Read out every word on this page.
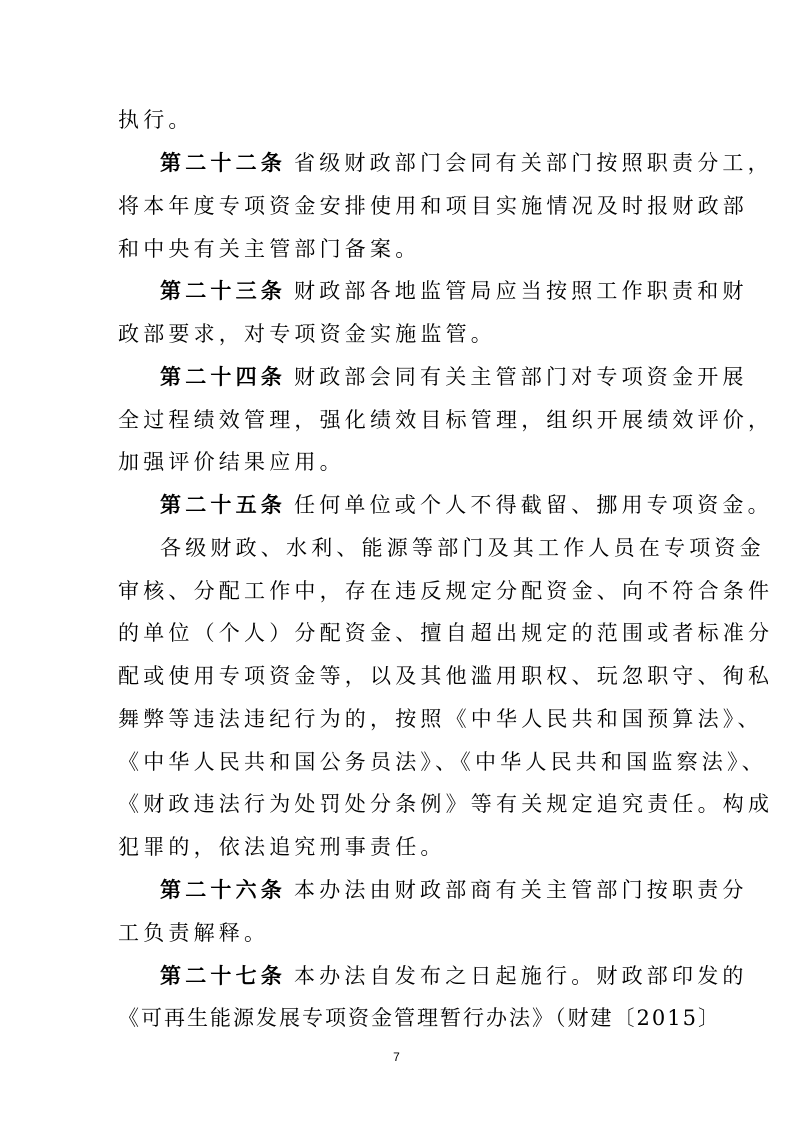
执行。
第二十二条 省级财政部门会同有关部门按照职责分工，
将本年度专项资金安排使用和项目实施情况及时报财政部
和中央有关主管部门备案。
第二十三条 财政部各地监管局应当按照工作职责和财
政部要求，对专项资金实施监管。
第二十四条 财政部会同有关主管部门对专项资金开展
全过程绩效管理，强化绩效目标管理，组织开展绩效评价，
加强评价结果应用。
第二十五条 任何单位或个人不得截留、挪用专项资金。
各级财政、水利、能源等部门及其工作人员在专项资金
审核、分配工作中，存在违反规定分配资金、向不符合条件
的单位（个人）分配资金、擅自超出规定的范围或者标准分
配或使用专项资金等，以及其他滥用职权、玩忽职守、徇私
舞弊等违法违纪行为的，按照《中华人民共和国预算法》、
《中华人民共和国公务员法》、《中华人民共和国监察法》、
《财政违法行为处罚处分条例》等有关规定追究责任。构成
犯罪的，依法追究刑事责任。
第二十六条 本办法由财政部商有关主管部门按职责分
工负责解释。
第二十七条 本办法自发布之日起施行。财政部印发的
《可再生能源发展专项资金管理暂行办法》（财建〔2015〕
7
